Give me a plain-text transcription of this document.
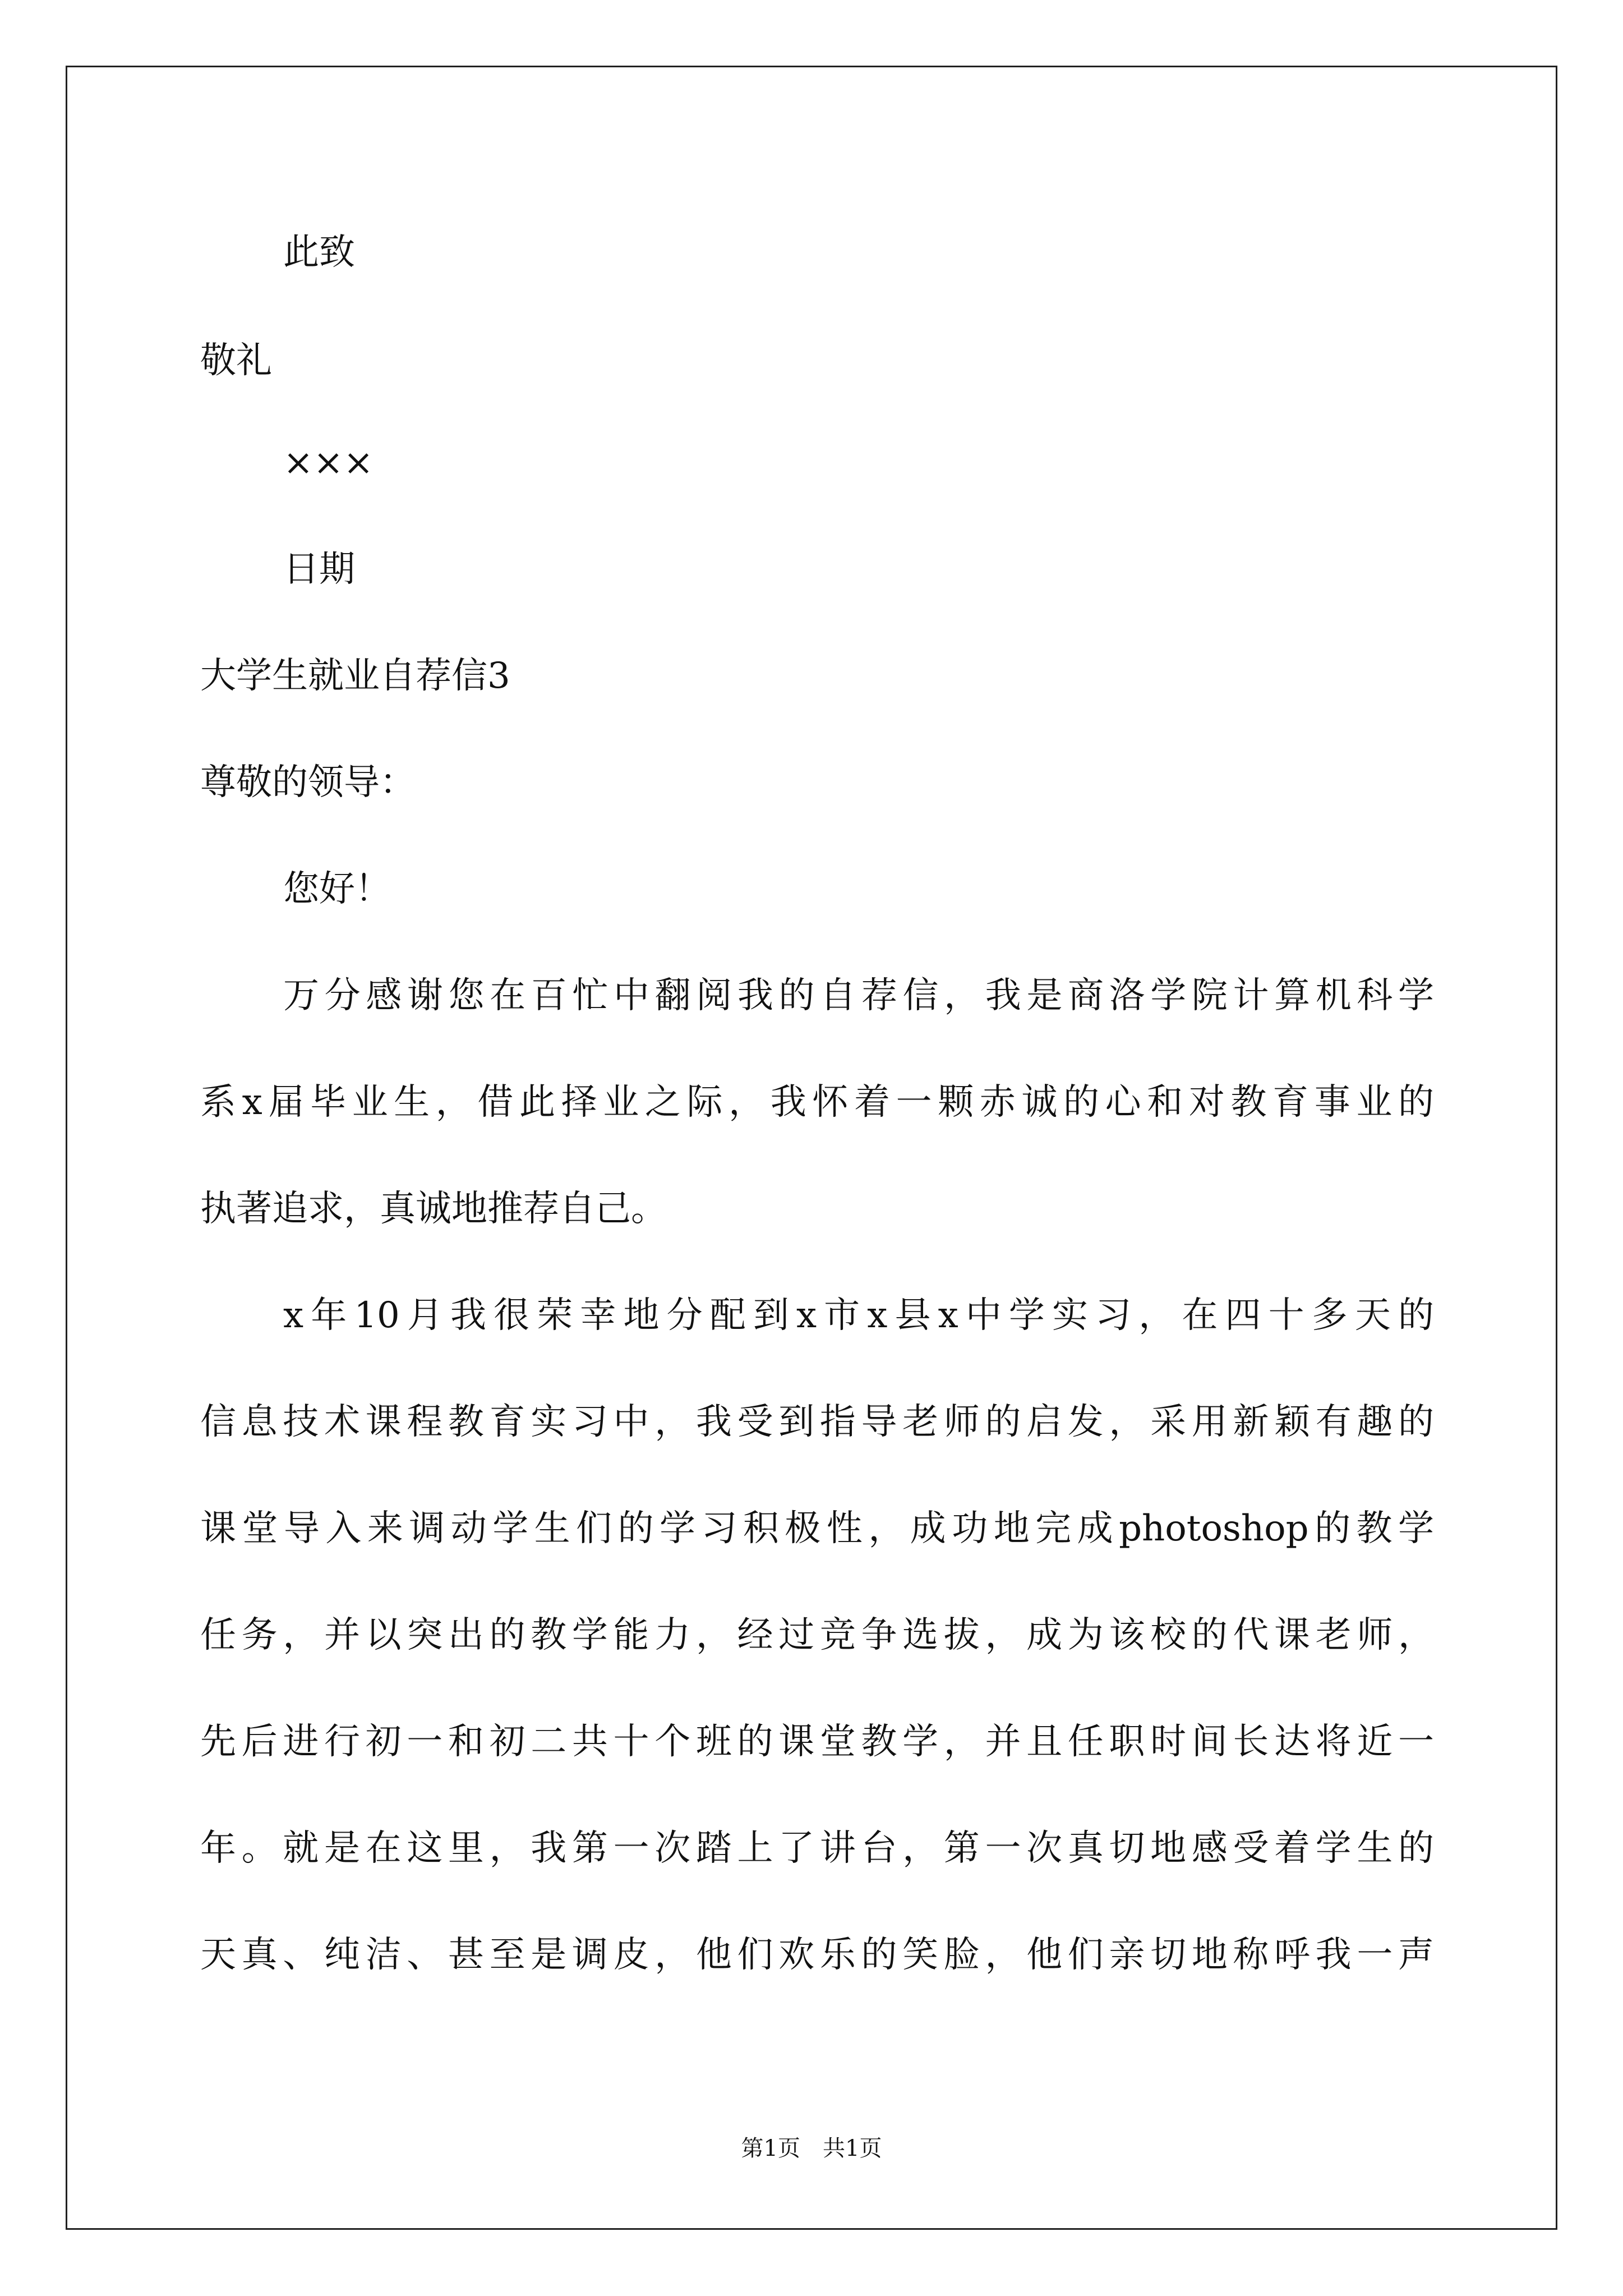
此致
敬礼
×××
日期
大学生就业自荐信3
尊敬的领导：
您好！
万分感谢您在百忙中翻阅我的自荐信，我是商洛学院计算机科学
系x届毕业生，借此择业之际，我怀着一颗赤诚的心和对教育事业的
执著追求，真诚地推荐自己。
x年10月我很荣幸地分配到x市x县x中学实习，在四十多天的
信息技术课程教育实习中，我受到指导老师的启发，采用新颖有趣的
课堂导入来调动学生们的学习积极性，成功地完成photoshop的教学
任务，并以突出的教学能力，经过竞争选拔，成为该校的代课老师，
先后进行初一和初二共十个班的课堂教学，并且任职时间长达将近一
年。就是在这里，我第一次踏上了讲台，第一次真切地感受着学生的
天真、纯洁、甚至是调皮，他们欢乐的笑脸，他们亲切地称呼我一声
第1页　共1页
